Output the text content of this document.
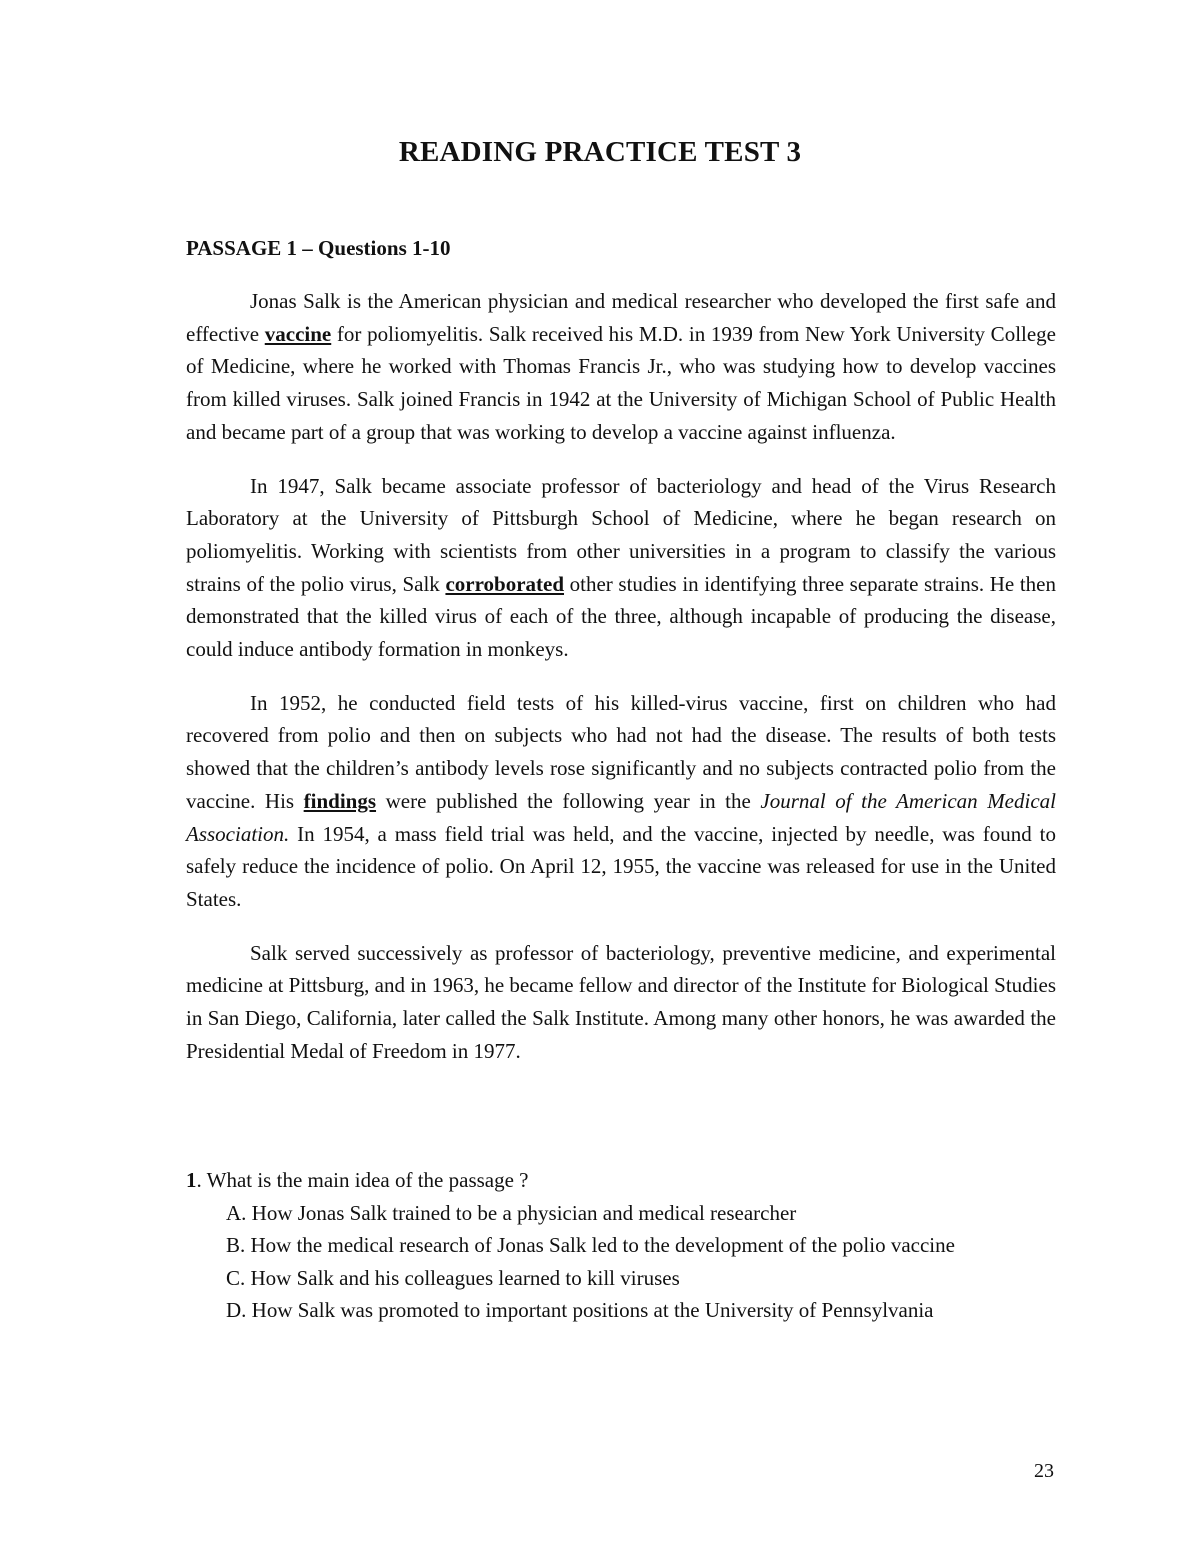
READING PRACTICE TEST 3
PASSAGE 1 – Questions 1-10

Jonas Salk is the American physician and medical researcher who developed the first safe and effective vaccine for poliomyelitis. Salk received his M.D. in 1939 from New York University College of Medicine, where he worked with Thomas Francis Jr., who was studying how to develop vaccines from killed viruses. Salk joined Francis in 1942 at the University of Michigan School of Public Health and became part of a group that was working to develop a vaccine against influenza.

In 1947, Salk became associate professor of bacteriology and head of the Virus Research Laboratory at the University of Pittsburgh School of Medicine, where he began research on poliomyelitis. Working with scientists from other universities in a program to classify the various strains of the polio virus, Salk corroborated other studies in identifying three separate strains. He then demonstrated that the killed virus of each of the three, although incapable of producing the disease, could induce antibody formation in monkeys.

In 1952, he conducted field tests of his killed-virus vaccine, first on children who had recovered from polio and then on subjects who had not had the disease. The results of both tests showed that the children’s antibody levels rose significantly and no subjects contracted polio from the vaccine. His findings were published the following year in the Journal of the American Medical Association. In 1954, a mass field trial was held, and the vaccine, injected by needle, was found to safely reduce the incidence of polio. On April 12, 1955, the vaccine was released for use in the United States.

Salk served successively as professor of bacteriology, preventive medicine, and experimental medicine at Pittsburg, and in 1963, he became fellow and director of the Institute for Biological Studies in San Diego, California, later called the Salk Institute. Among many other honors, he was awarded the Presidential Medal of Freedom in 1977.

1. What is the main idea of the passage ?

A. How Jonas Salk trained to be a physician and medical researcher
B. How the medical research of Jonas Salk led to the development of the polio vaccine
C. How Salk and his colleagues learned to kill viruses
D. How Salk was promoted to important positions at the University of Pennsylvania
23
